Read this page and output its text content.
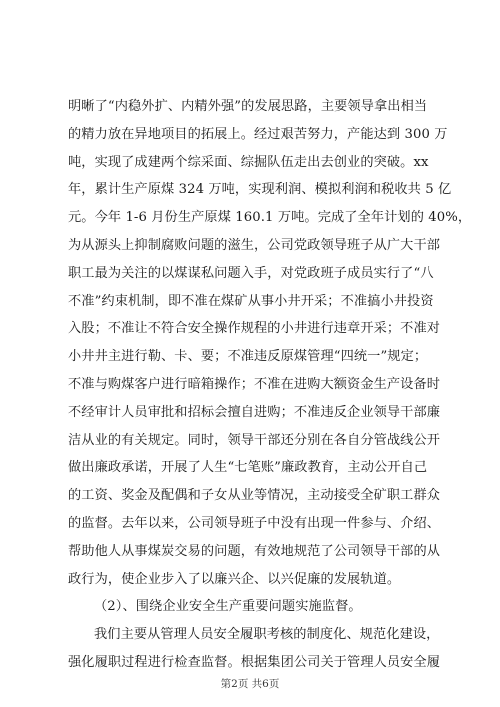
明晰了“内稳外扩、内精外强”的发展思路，主要领导拿出相当
的精力放在异地项目的拓展上。经过艰苦努力，产能达到 300 万
吨，实现了成建两个综采面、综掘队伍走出去创业的突破。xx
年，累计生产原煤 324 万吨，实现利润、模拟利润和税收共 5 亿
元。今年 1-6 月份生产原煤 160.1 万吨。完成了全年计划的 40%，
为从源头上抑制腐败问题的滋生，公司党政领导班子从广大干部
职工最为关注的以煤谋私问题入手，对党政班子成员实行了“八
不准”约束机制，即不准在煤矿从事小井开采；不准搞小井投资
入股；不准让不符合安全操作规程的小井进行违章开采；不准对
小井井主进行勒、卡、要；不准违反原煤管理“四统一”规定；
不准与购煤客户进行暗箱操作；不准在进购大额资金生产设备时
不经审计人员审批和招标会擅自进购；不准违反企业领导干部廉
洁从业的有关规定。同时，领导干部还分别在各自分管战线公开
做出廉政承诺，开展了人生“七笔账”廉政教育，主动公开自己
的工资、奖金及配偶和子女从业等情况，主动接受全矿职工群众
的监督。去年以来，公司领导班子中没有出现一件参与、介绍、
帮助他人从事煤炭交易的问题，有效地规范了公司领导干部的从
政行为，使企业步入了以廉兴企、以兴促廉的发展轨道。
（2）、围绕企业安全生产重要问题实施监督。
我们主要从管理人员安全履职考核的制度化、规范化建设，
强化履职过程进行检查监督。根据集团公司关于管理人员安全履
第2页 共6页
